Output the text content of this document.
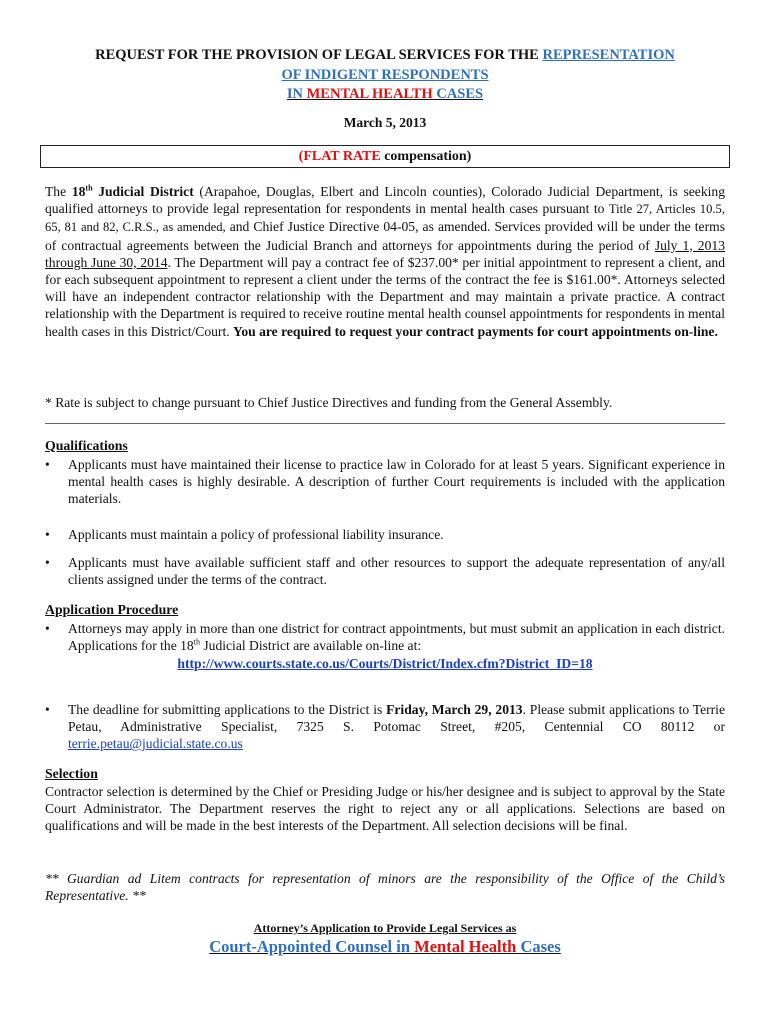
REQUEST FOR THE PROVISION OF LEGAL SERVICES FOR THE REPRESENTATION
OF INDIGENT RESPONDENTS
IN MENTAL HEALTH CASES
March 5, 2013
(FLAT RATE compensation)
The 18th Judicial District (Arapahoe, Douglas, Elbert and Lincoln counties), Colorado Judicial Department, is seeking qualified attorneys to provide legal representation for respondents in mental health cases pursuant to Title 27, Articles 10.5, 65, 81 and 82, C.R.S., as amended, and Chief Justice Directive 04-05, as amended. Services provided will be under the terms of contractual agreements between the Judicial Branch and attorneys for appointments during the period of July 1, 2013 through June 30, 2014. The Department will pay a contract fee of $237.00* per initial appointment to represent a client, and for each subsequent appointment to represent a client under the terms of the contract the fee is $161.00*. Attorneys selected will have an independent contractor relationship with the Department and may maintain a private practice. A contract relationship with the Department is required to receive routine mental health counsel appointments for respondents in mental health cases in this District/Court. You are required to request your contract payments for court appointments on-line.
* Rate is subject to change pursuant to Chief Justice Directives and funding from the General Assembly.
Qualifications
•	Applicants must have maintained their license to practice law in Colorado for at least 5 years. Significant experience in mental health cases is highly desirable. A description of further Court requirements is included with the application materials.
•	Applicants must maintain a policy of professional liability insurance.
•	Applicants must have available sufficient staff and other resources to support the adequate representation of any/all clients assigned under the terms of the contract.
Application Procedure
•	Attorneys may apply in more than one district for contract appointments, but must submit an application in each district. Applications for the 18th Judicial District are available on-line at:
http://www.courts.state.co.us/Courts/District/Index.cfm?District_ID=18
•	The deadline for submitting applications to the District is Friday, March 29, 2013. Please submit applications to Terrie Petau, Administrative Specialist, 7325 S. Potomac Street, #205, Centennial CO 80112 or terrie.petau@judicial.state.co.us
Selection
Contractor selection is determined by the Chief or Presiding Judge or his/her designee and is subject to approval by the State Court Administrator. The Department reserves the right to reject any or all applications. Selections are based on qualifications and will be made in the best interests of the Department. All selection decisions will be final.
** Guardian ad Litem contracts for representation of minors are the responsibility of the Office of the Child’s Representative. **
Attorney’s Application to Provide Legal Services as
Court-Appointed Counsel in Mental Health Cases
